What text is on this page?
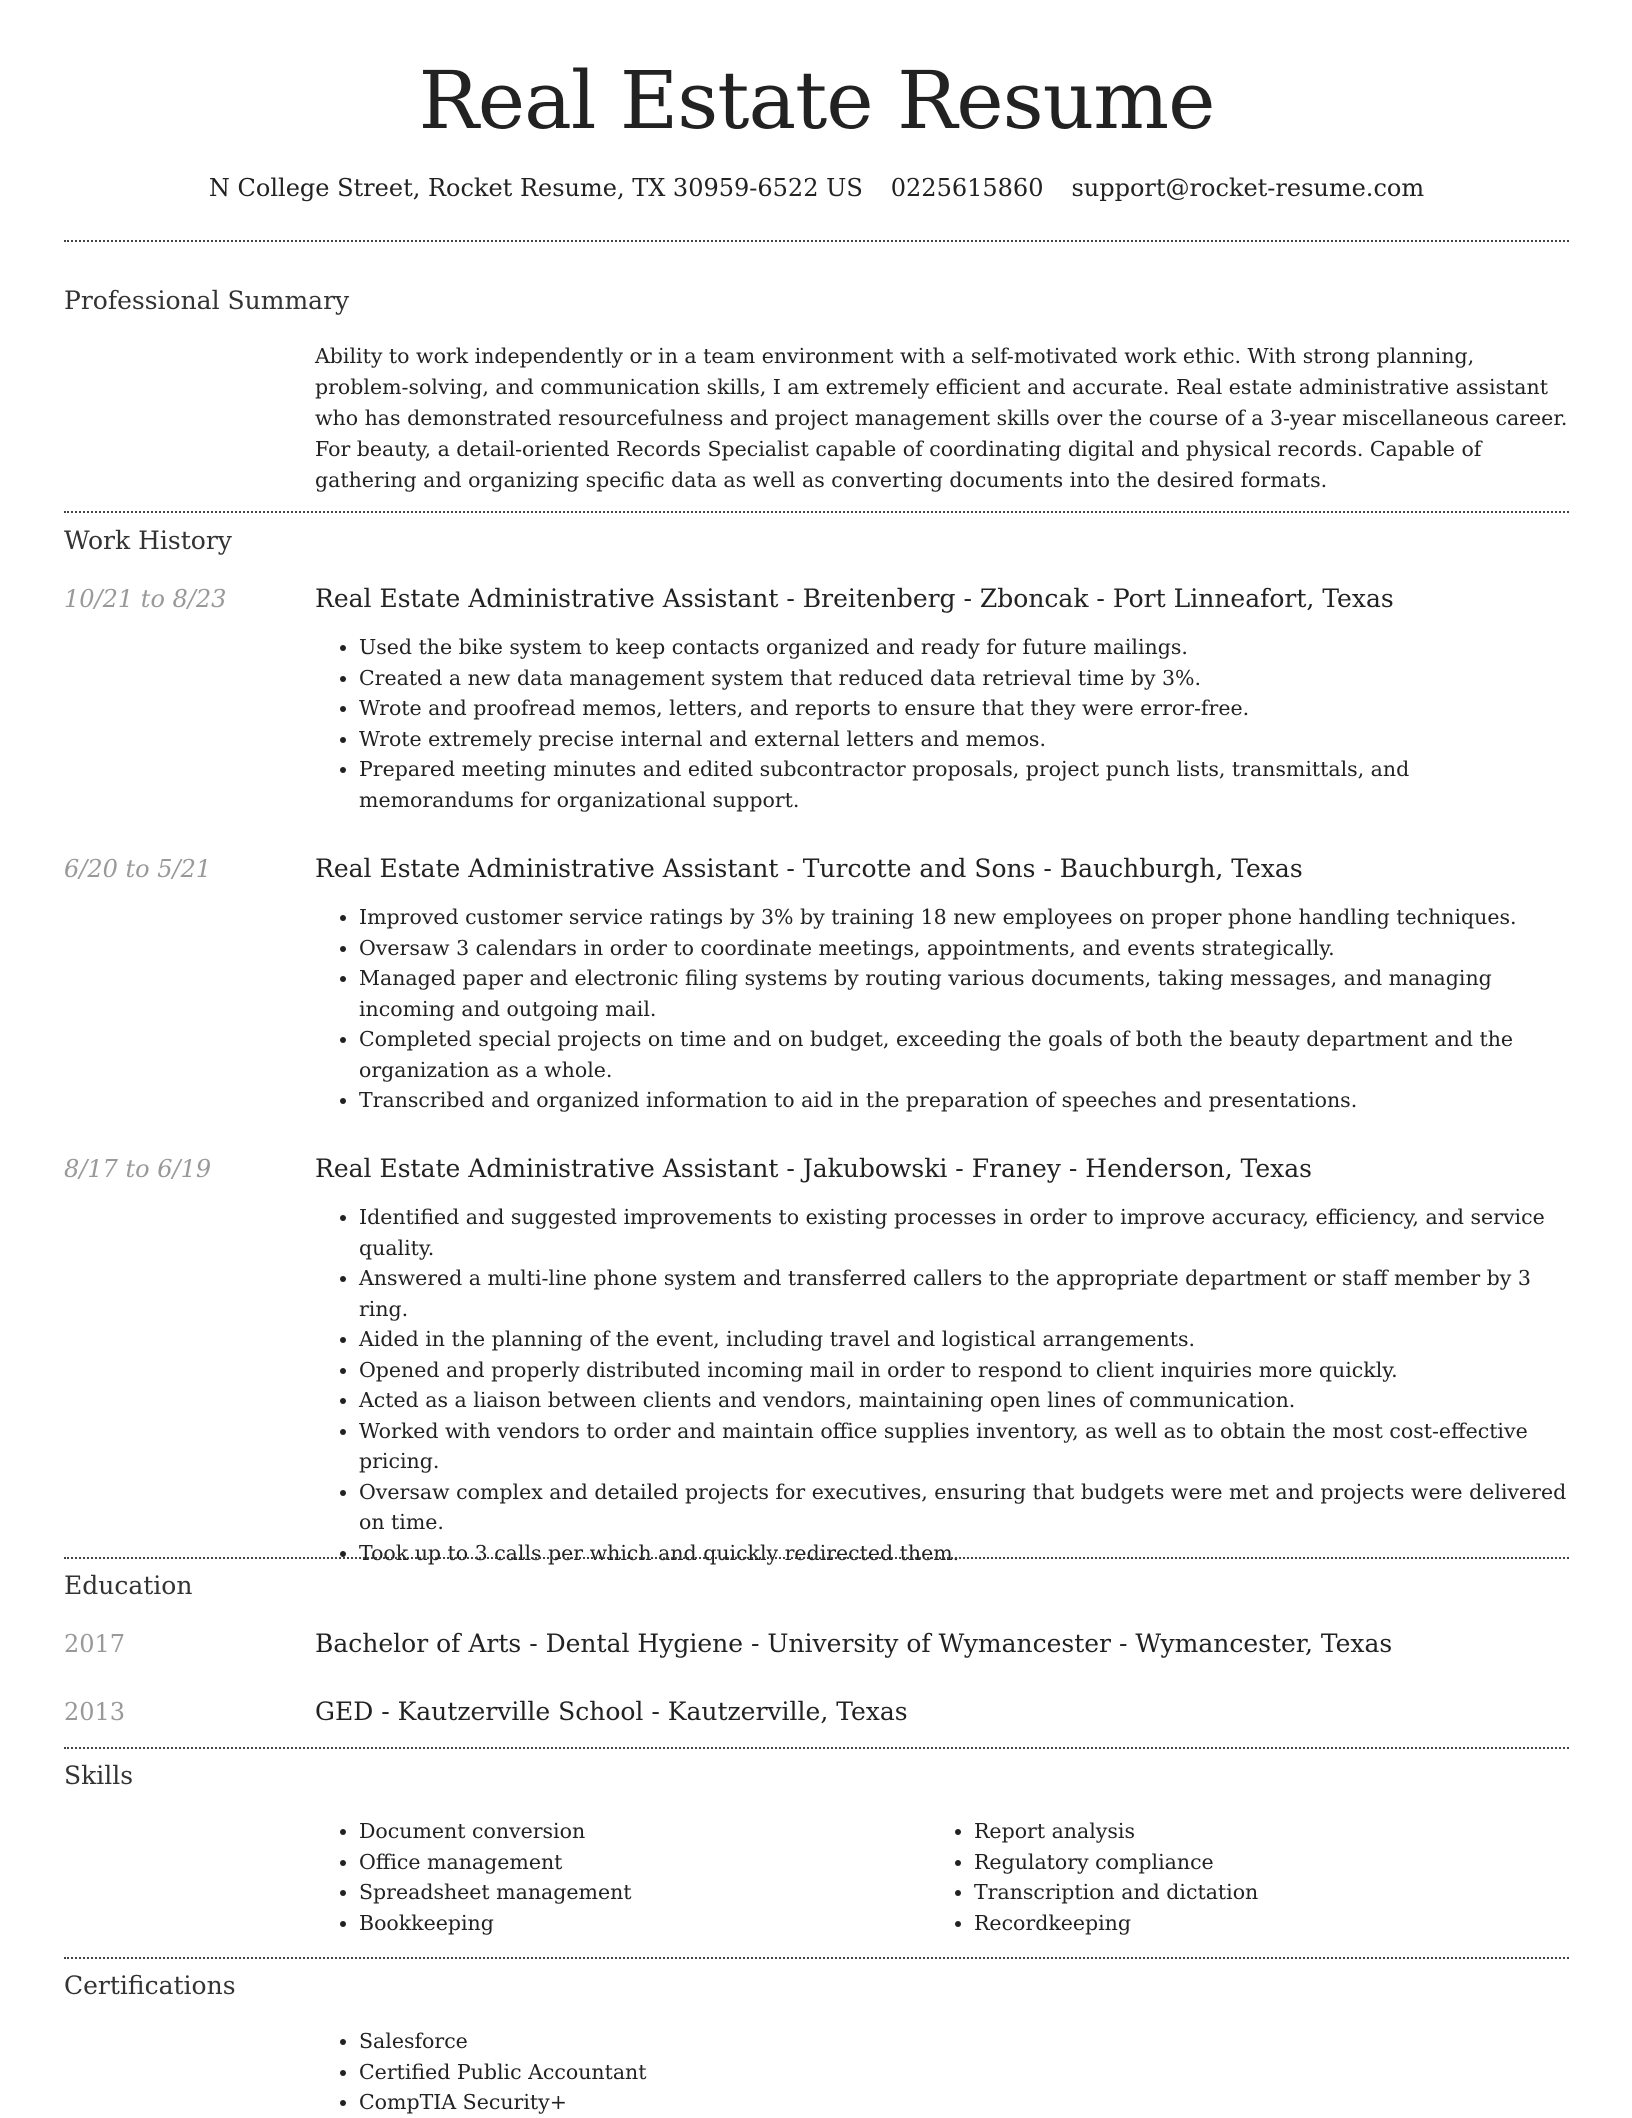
Real Estate Resume
N College Street, Rocket Resume, TX 30959-6522 US 0225615860 support@rocket-resume.com
Professional Summary

Ability to work independently or in a team environment with a self-motivated work ethic. With strong planning, problem-solving, and communication skills, I am extremely efficient and accurate. Real estate administrative assistant who has demonstrated resourcefulness and project management skills over the course of a 3-year miscellaneous career. For beauty, a detail-oriented Records Specialist capable of coordinating digital and physical records. Capable of gathering and organizing specific data as well as converting documents into the desired formats.

Work History
10/21 to 8/23	Real Estate Administrative Assistant - Breitenberg - Zboncak - Port Linneafort, Texas
• Used the bike system to keep contacts organized and ready for future mailings.
• Created a new data management system that reduced data retrieval time by 3%.
• Wrote and proofread memos, letters, and reports to ensure that they were error-free.
• Wrote extremely precise internal and external letters and memos.
• Prepared meeting minutes and edited subcontractor proposals, project punch lists, transmittals, and memorandums for organizational support.
6/20 to 5/21	Real Estate Administrative Assistant - Turcotte and Sons - Bauchburgh, Texas
• Improved customer service ratings by 3% by training 18 new employees on proper phone handling techniques.
• Oversaw 3 calendars in order to coordinate meetings, appointments, and events strategically.
• Managed paper and electronic filing systems by routing various documents, taking messages, and managing incoming and outgoing mail.
• Completed special projects on time and on budget, exceeding the goals of both the beauty department and the organization as a whole.
• Transcribed and organized information to aid in the preparation of speeches and presentations.
8/17 to 6/19	Real Estate Administrative Assistant - Jakubowski - Franey - Henderson, Texas
• Identified and suggested improvements to existing processes in order to improve accuracy, efficiency, and service quality.
• Answered a multi-line phone system and transferred callers to the appropriate department or staff member by 3 ring.
• Aided in the planning of the event, including travel and logistical arrangements.
• Opened and properly distributed incoming mail in order to respond to client inquiries more quickly.
• Acted as a liaison between clients and vendors, maintaining open lines of communication.
• Worked with vendors to order and maintain office supplies inventory, as well as to obtain the most cost-effective pricing.
• Oversaw complex and detailed projects for executives, ensuring that budgets were met and projects were delivered on time.
• Took up to 3 calls per which and quickly redirected them.
Education
2017	Bachelor of Arts - Dental Hygiene - University of Wymancester - Wymancester, Texas
2013	GED - Kautzerville School - Kautzerville, Texas
Skills
• Document conversion
• Office management
• Spreadsheet management
• Bookkeeping
• Report analysis
• Regulatory compliance
• Transcription and dictation
• Recordkeeping
Certifications
• Salesforce
• Certified Public Accountant
• CompTIA Security+
